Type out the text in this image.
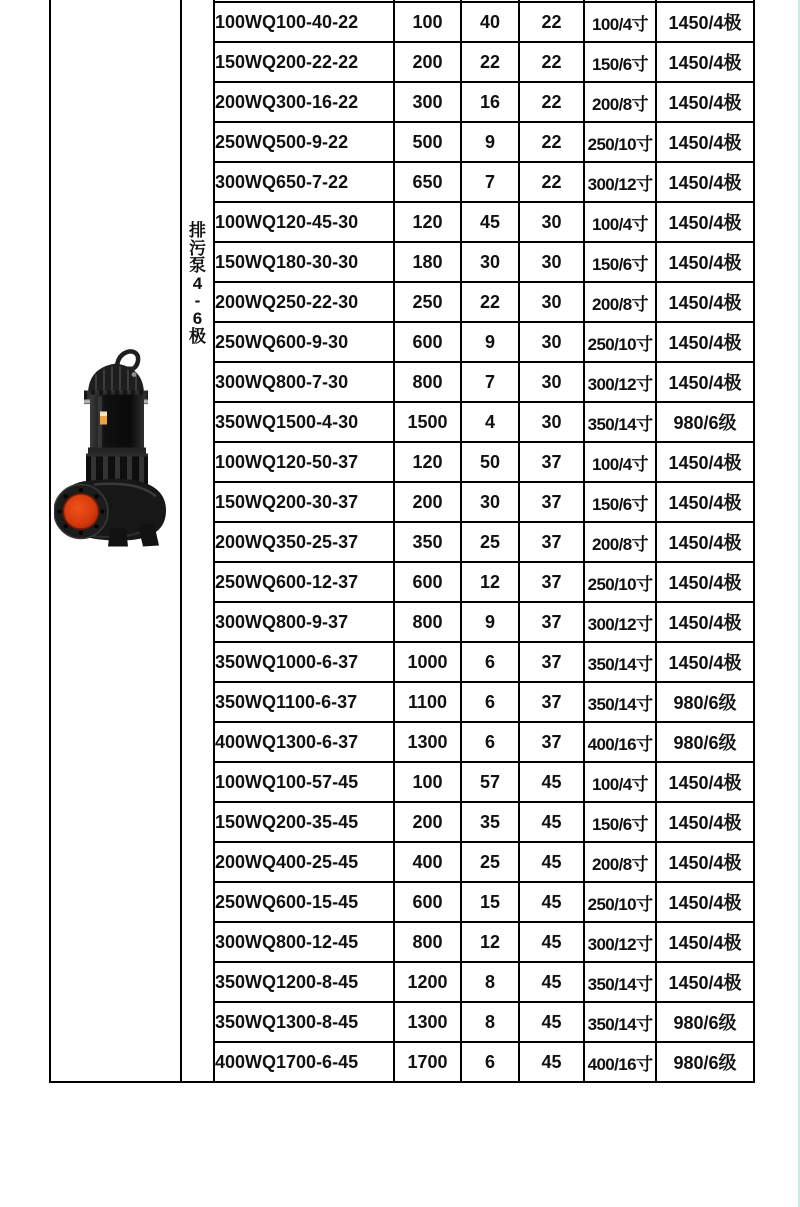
排
污
泵
4
-
6
极

		100WQ100-40-22	100	40	22	100/4寸	1450/4极
		150WQ200-22-22	200	22	22	150/6寸	1450/4极
		200WQ300-16-22	300	16	22	200/8寸	1450/4极
		250WQ500-9-22	500	9	22	250/10寸	1450/4极
		300WQ650-7-22	650	7	22	300/12寸	1450/4极
		100WQ120-45-30	120	45	30	100/4寸	1450/4极
		150WQ180-30-30	180	30	30	150/6寸	1450/4极
		200WQ250-22-30	250	22	30	200/8寸	1450/4极
		250WQ600-9-30	600	9	30	250/10寸	1450/4极
		300WQ800-7-30	800	7	30	300/12寸	1450/4极
		350WQ1500-4-30	1500	4	30	350/14寸	980/6级
		100WQ120-50-37	120	50	37	100/4寸	1450/4极
		150WQ200-30-37	200	30	37	150/6寸	1450/4极
		200WQ350-25-37	350	25	37	200/8寸	1450/4极
		250WQ600-12-37	600	12	37	250/10寸	1450/4极
		300WQ800-9-37	800	9	37	300/12寸	1450/4极
		350WQ1000-6-37	1000	6	37	350/14寸	1450/4极
		350WQ1100-6-37	1100	6	37	350/14寸	980/6级
		400WQ1300-6-37	1300	6	37	400/16寸	980/6级
		100WQ100-57-45	100	57	45	100/4寸	1450/4极
		150WQ200-35-45	200	35	45	150/6寸	1450/4极
		200WQ400-25-45	400	25	45	200/8寸	1450/4极
		250WQ600-15-45	600	15	45	250/10寸	1450/4极
		300WQ800-12-45	800	12	45	300/12寸	1450/4极
		350WQ1200-8-45	1200	8	45	350/14寸	1450/4极
		350WQ1300-8-45	1300	8	45	350/14寸	980/6级
		400WQ1700-6-45	1700	6	45	400/16寸	980/6级
